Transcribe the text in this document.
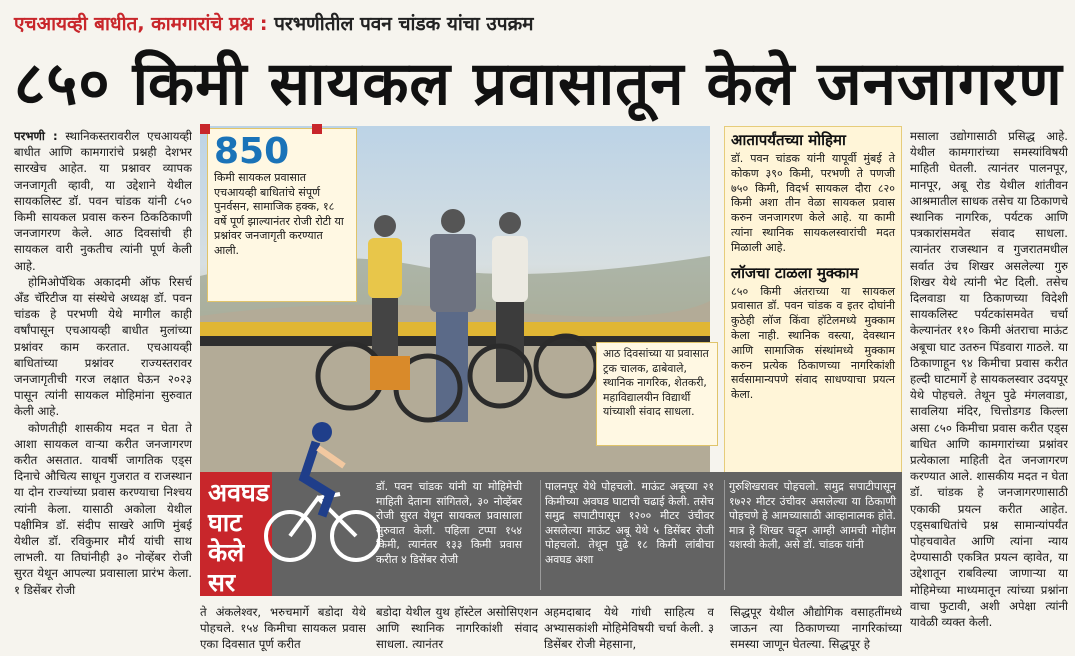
एचआयव्ही बाधीत, कामगारांचे प्रश्न : परभणीतील पवन चांडक यांचा उपक्रम
८५० किमी सायकल प्रवासातून केले जनजागरण

परभणी : स्थानिकस्तरावरील एचआयव्ही बाधीत आणि कामगारांचे प्रश्नही देशभर सारखेच आहेत. या प्रश्नावर व्यापक जनजागृती व्हावी, या उद्देशाने येथील सायकलिस्ट डॉ. पवन चांडक यांनी ८५० किमी सायकल प्रवास करुन ठिकठिकाणी जनजागरण केले. आठ दिवसांची ही सायकल वारी नुकतीच त्यांनी पूर्ण केली आहे.

होमिओपॅथिक अकादमी ऑफ रिसर्च अँड चॅरिटीज या संस्थेचे अध्यक्ष डॉ. पवन चांडक हे परभणी येथे मागील काही वर्षांपासून एचआयव्ही बाधीत मुलांच्या प्रश्नांवर काम करतात. एचआयव्ही बाधितांच्या प्रश्नांवर राज्यस्तरावर जनजागृतीची गरज लक्षात घेऊन २०२३ पासून त्यांनी सायकल मोहिमांना सुरुवात केली आहे.

कोणतीही शासकीय मदत न घेता ते आशा सायकल वाऱ्या करीत जनजागरण करीत असतात. यावर्षी जागतिक एड्स दिनाचे औचित्य साधून गुजरात व राजस्थान या दोन राज्यांच्या प्रवास करण्याचा निश्चय त्यांनी केला. यासाठी अकोला येथील पक्षीमित्र डॉ. संदीप साखरे आणि मुंबई येथील डॉ. रविकुमार मौर्य यांची साथ लाभली. या तिघांनीही ३० नोव्हेंबर रोजी सुरत येथून आपल्या प्रवासाला प्रारंभ केला. १ डिसेंबर रोजी

850
किमी सायकल प्रवासात एचआयव्ही बाधितांचे संपूर्ण पुनर्वसन, सामाजिक हक्क, १८ वर्षे पूर्ण झाल्यानंतर रोजी रोटी या प्रश्नांवर जनजागृती करण्यात आली.
आठ दिवसांच्या या प्रवासात ट्रक चालक, ढाबेवाले, स्थानिक नागरिक, शेतकरी, महाविद्यालयीन विद्यार्थी यांच्याशी संवाद साधला.
आतापर्यंतच्या मोहिमा
डॉ. पवन चांडक यांनी यापूर्वी मुंबई ते कोकण ३९० किमी, परभणी ते पणजी ७५० किमी, विदर्भ सायकल दौरा ८२० किमी अशा तीन वेळा सायकल प्रवास करुन जनजागरण केले आहे. या कामी त्यांना स्थानिक सायकलस्वारांची मदत मिळाली आहे.
लॉजचा टाळला मुक्काम
८५० किमी अंतराच्या या सायकल प्रवासात डॉ. पवन चांडक व इतर दोघांनी कुठेही लॉज किंवा हॉटेलमध्ये मुक्काम केला नाही. स्थानिक वस्त्या, देवस्थान आणि सामाजिक संस्थांमध्ये मुक्काम करुन प्रत्येक ठिकाणच्या नागरिकांशी सर्वसामान्यपणे संवाद साधण्याचा प्रयत्न केला.
अवघड घाट केले सर
डॉ. पवन चांडक यांनी या मोहिमेची माहिती देताना सांगितले, ३० नोव्हेंबर रोजी सुरत येथून सायकल प्रवासाला सुरुवात केली. पहिला टप्पा १५४ किमी, त्यानंतर १३३ किमी प्रवास करीत ४ डिसेंबर रोजी
पालनपूर येथे पोहचलो. माऊंट अबूच्या २१ किमीच्या अवघड घाटाची चढाई केली. तसेच समुद्र सपाटीपासून १२०० मीटर उंचीवर असलेल्या माऊंट अबू येथे ५ डिसेंबर रोजी पोहचलो. तेथून पुढे १८ किमी लांबीचा अवघड अशा
गुरुशिखरावर पोहचलो. समुद्र सपाटीपासून १७२२ मीटर उंचीवर असलेल्या या ठिकाणी पोहचणे हे आमच्यासाठी आव्हानात्मक होते. मात्र हे शिखर चढून आम्ही आमची मोहीम यशस्वी केली, असे डॉ. चांडक यांनी
ते अंकलेश्वर, भरुचमार्गे बडोदा येथे पोहचले. १५४ किमीचा सायकल प्रवास एका दिवसात पूर्ण करीत
बडोदा येथील युथ हॉस्टेल असोसिएशन आणि स्थानिक नागरिकांशी संवाद साधला. त्यानंतर
अहमदाबाद येथे गांधी साहित्य व अभ्यासकांशी मोहिमेविषयी चर्चा केली. ३ डिसेंबर रोजी मेहसाना,
सिद्धपूर येथील औद्योगिक वसाहतींमध्ये जाऊन त्या ठिकाणच्या नागरिकांच्या समस्या जाणून घेतल्या. सिद्धपूर हे
मसाला उद्योगासाठी प्रसिद्ध आहे. येथील कामगारांच्या समस्यांविषयी माहिती घेतली. त्यानंतर पालनपूर, मानपूर, अबू रोड येथील शांतीवन आश्रमातील साधक तसेच या ठिकाणचे स्थानिक नागरिक, पर्यटक आणि पत्रकारांसमवेत संवाद साधला. त्यानंतर राजस्थान व गुजरातमधील सर्वात उंच शिखर असलेल्या गुरु शिखर येथे त्यांनी भेट दिली. तसेच दिलवाडा या ठिकाणच्या विदेशी सायकलिस्ट पर्यटकांसमवेत चर्चा केल्यानंतर ११० किमी अंतराचा माऊंट अबूचा घाट उतरुन पिंडवारा गाठले. या ठिकाणाहून ९४ किमीचा प्रवास करीत हल्दी घाटमार्गे हे सायकलस्वार उदयपूर येथे पोहचले. तेथून पुढे मंगलवाडा, सावलिया मंदिर, चित्तोडगड किल्ला असा ८५० किमीचा प्रवास करीत एड्स बाधित आणि कामगारांच्या प्रश्नांवर प्रत्येकाला माहिती देत जनजागरण करण्यात आले. शासकीय मदत न घेता डॉ. चांडक हे जनजागरणासाठी एकाकी प्रयत्न करीत आहेत. एड्सबाधितांचे प्रश्न सामान्यांपर्यंत पोहचवावेत आणि त्यांना न्याय देण्यासाठी एकत्रित प्रयत्न व्हावेत, या उद्देशातून राबविल्या जाणाऱ्या या मोहिमेच्या माध्यमातून त्यांच्या प्रश्नांना वाचा फुटावी, अशी अपेक्षा त्यांनी यावेळी व्यक्त केली.
